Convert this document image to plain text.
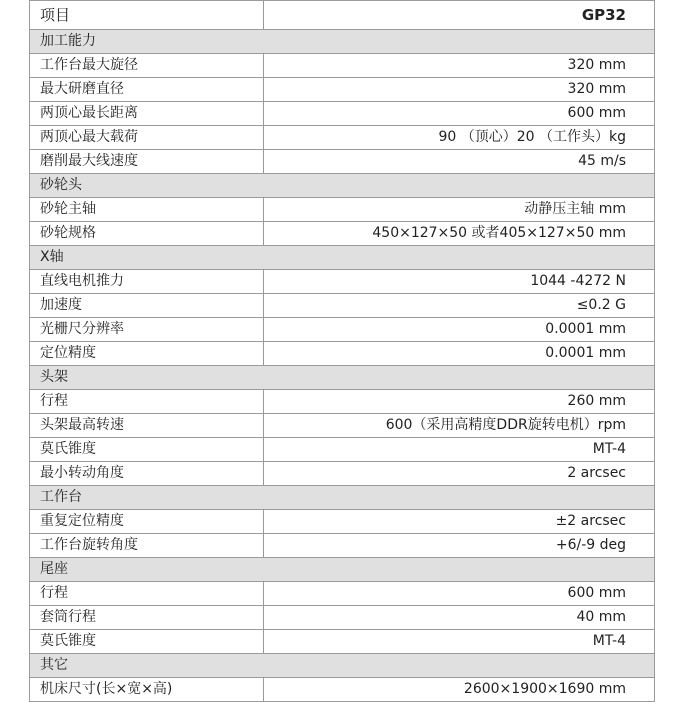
项目	GP32
加工能力	
工作台最大旋径	320 mm
最大研磨直径	320 mm
两顶心最长距离	600 mm
两顶心最大载荷	90 （顶心）20 （工作头）kg
磨削最大线速度	45 m/s
砂轮头	
砂轮主轴	动静压主轴 mm
砂轮规格	450×127×50 或者405×127×50 mm
X轴	
直线电机推力	1044 -4272 N
加速度	≤0.2 G
光栅尺分辨率	0.0001 mm
定位精度	0.0001 mm
头架	
行程	260 mm
头架最高转速	600（采用高精度DDR旋转电机）rpm
莫氏锥度	MT-4
最小转动角度	2 arcsec
工作台	
重复定位精度	±2 arcsec
工作台旋转角度	+6/-9 deg
尾座	
行程	600 mm
套筒行程	40 mm
莫氏锥度	MT-4
其它	
机床尺寸(长×宽×高)	2600×1900×1690 mm
